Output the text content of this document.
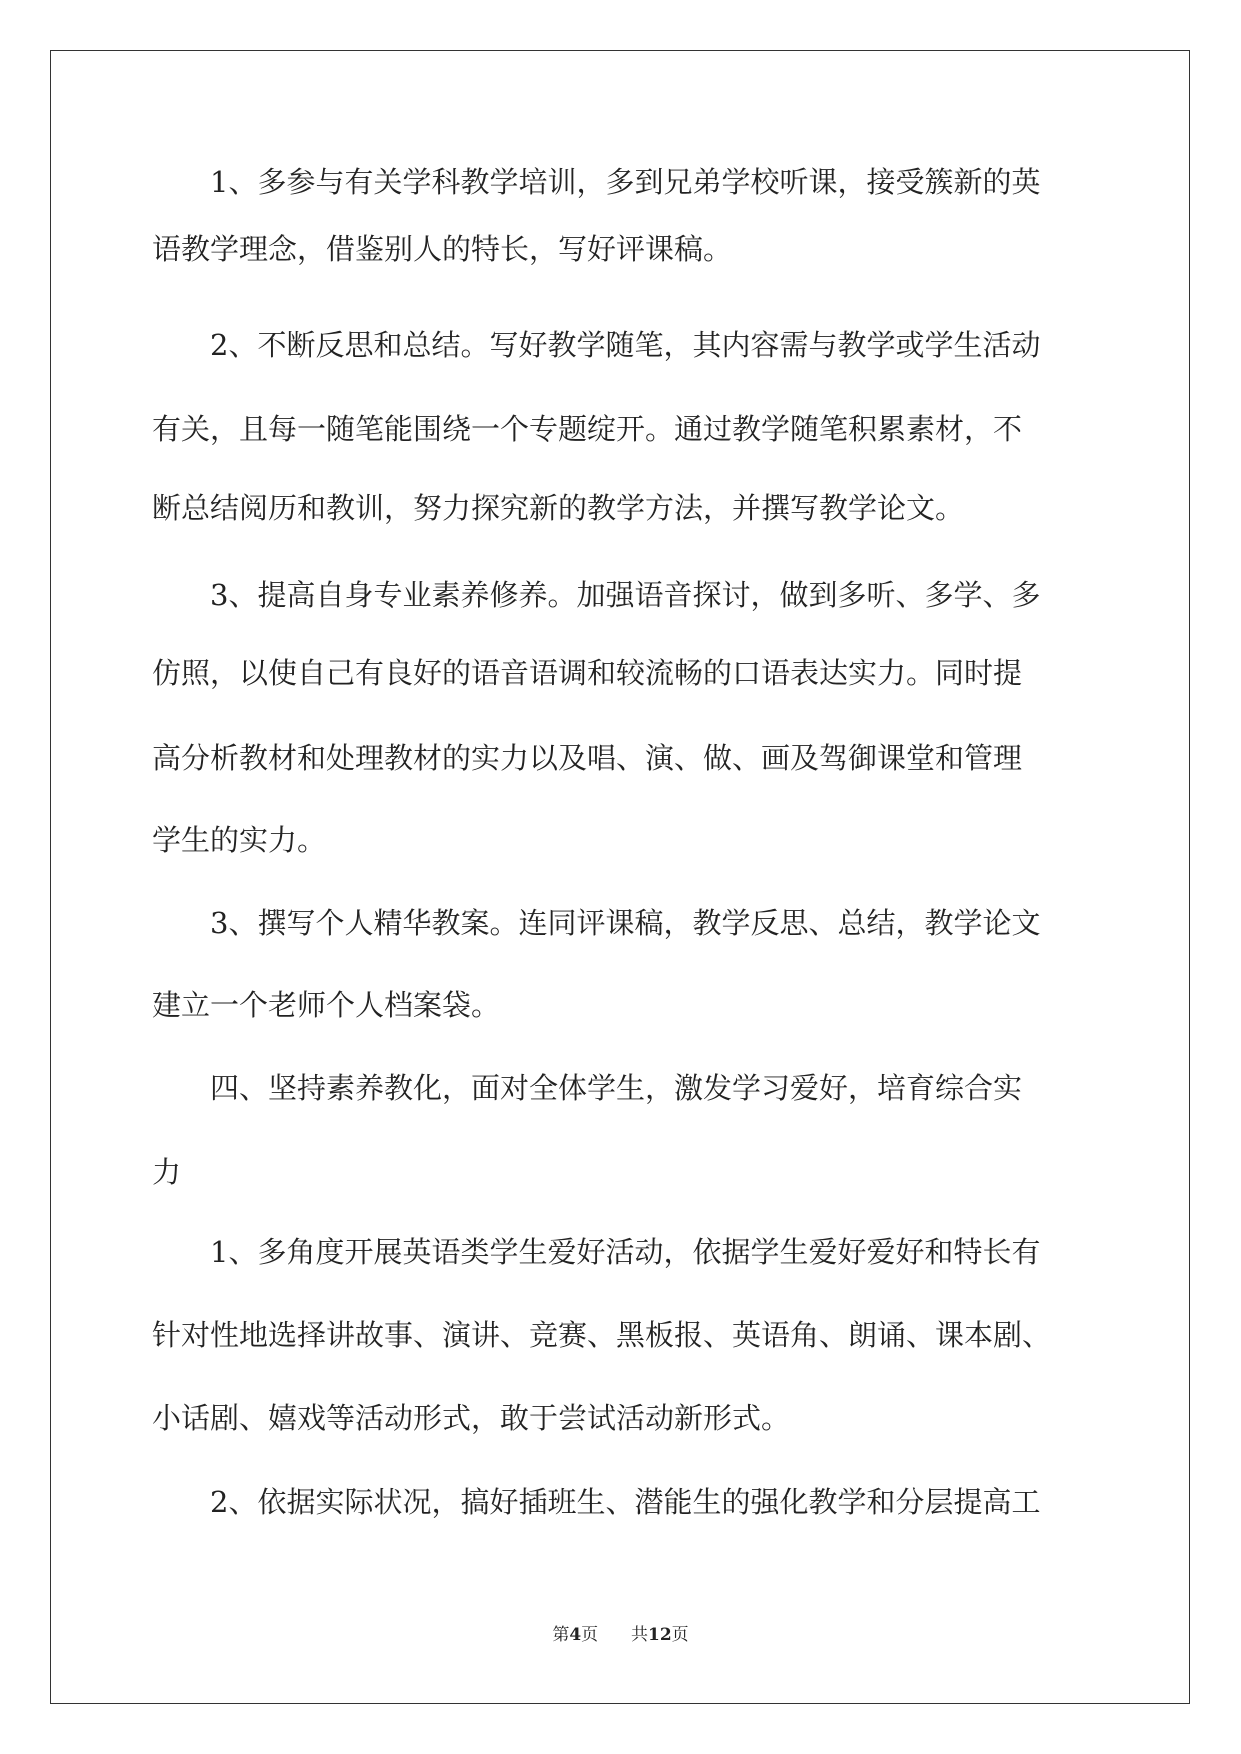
　　1、多参与有关学科教学培训，多到兄弟学校听课，接受簇新的英
语教学理念，借鉴别人的特长，写好评课稿。
　　2、不断反思和总结。写好教学随笔，其内容需与教学或学生活动
有关，且每一随笔能围绕一个专题绽开。通过教学随笔积累素材，不
断总结阅历和教训，努力探究新的教学方法，并撰写教学论文。
　　3、提高自身专业素养修养。加强语音探讨，做到多听、多学、多
仿照，以使自己有良好的语音语调和较流畅的口语表达实力。同时提
高分析教材和处理教材的实力以及唱、演、做、画及驾御课堂和管理
学生的实力。
　　3、撰写个人精华教案。连同评课稿，教学反思、总结，教学论文
建立一个老师个人档案袋。
　　四、坚持素养教化，面对全体学生，激发学习爱好，培育综合实
力
　　1、多角度开展英语类学生爱好活动，依据学生爱好爱好和特长有
针对性地选择讲故事、演讲、竞赛、黑板报、英语角、朗诵、课本剧、
小话剧、嬉戏等活动形式，敢于尝试活动新形式。
　　2、依据实际状况，搞好插班生、潜能生的强化教学和分层提高工
第4页 共12页
